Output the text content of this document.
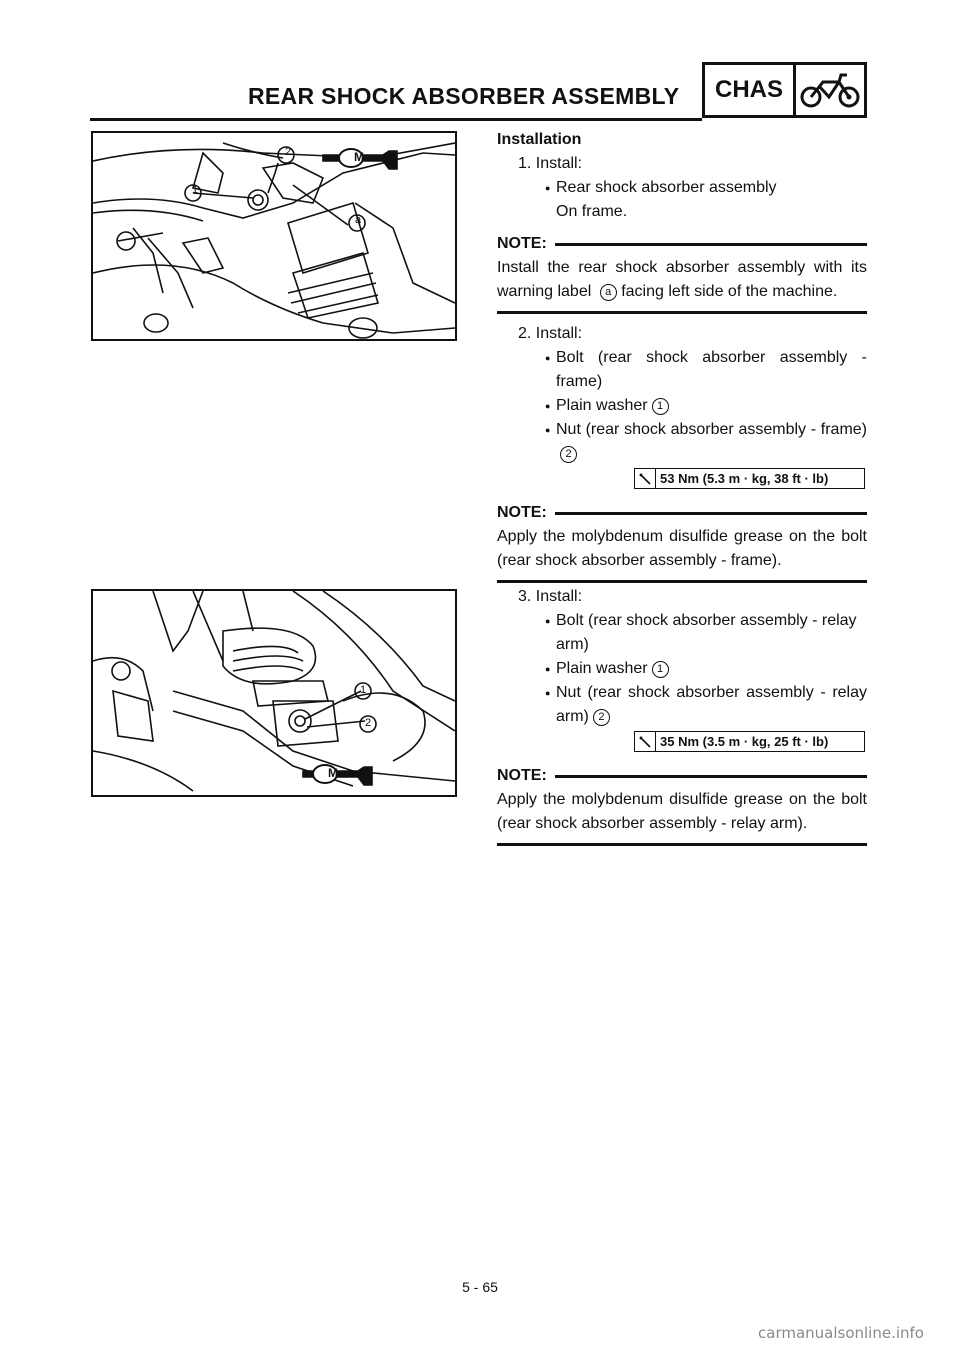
REAR SHOCK ABSORBER ASSEMBLY	CHAS
1
2
a
M
1
2
M
Installation
1. Install:
● Rear shock absorber assembly
On frame.
NOTE:
Install the rear shock absorber assembly with its warning label a facing left side of the machine.
2. Install:
● Bolt (rear shock absorber assembly - frame)
● Plain washer 1
● Nut (rear shock absorber assembly - frame)2
53 Nm (5.3 m · kg, 38 ft · lb)
NOTE:
Apply the molybdenum disulfide grease on the bolt (rear shock absorber assembly - frame).
3. Install:
● Bolt (rear shock absorber assembly - relay arm)
● Plain washer 1
● Nut (rear shock absorber assembly - relay arm) 2
35 Nm (3.5 m · kg, 25 ft · lb)
NOTE:
Apply the molybdenum disulfide grease on the bolt (rear shock absorber assembly - relay arm).
5 - 65
carmanualsonline.info
